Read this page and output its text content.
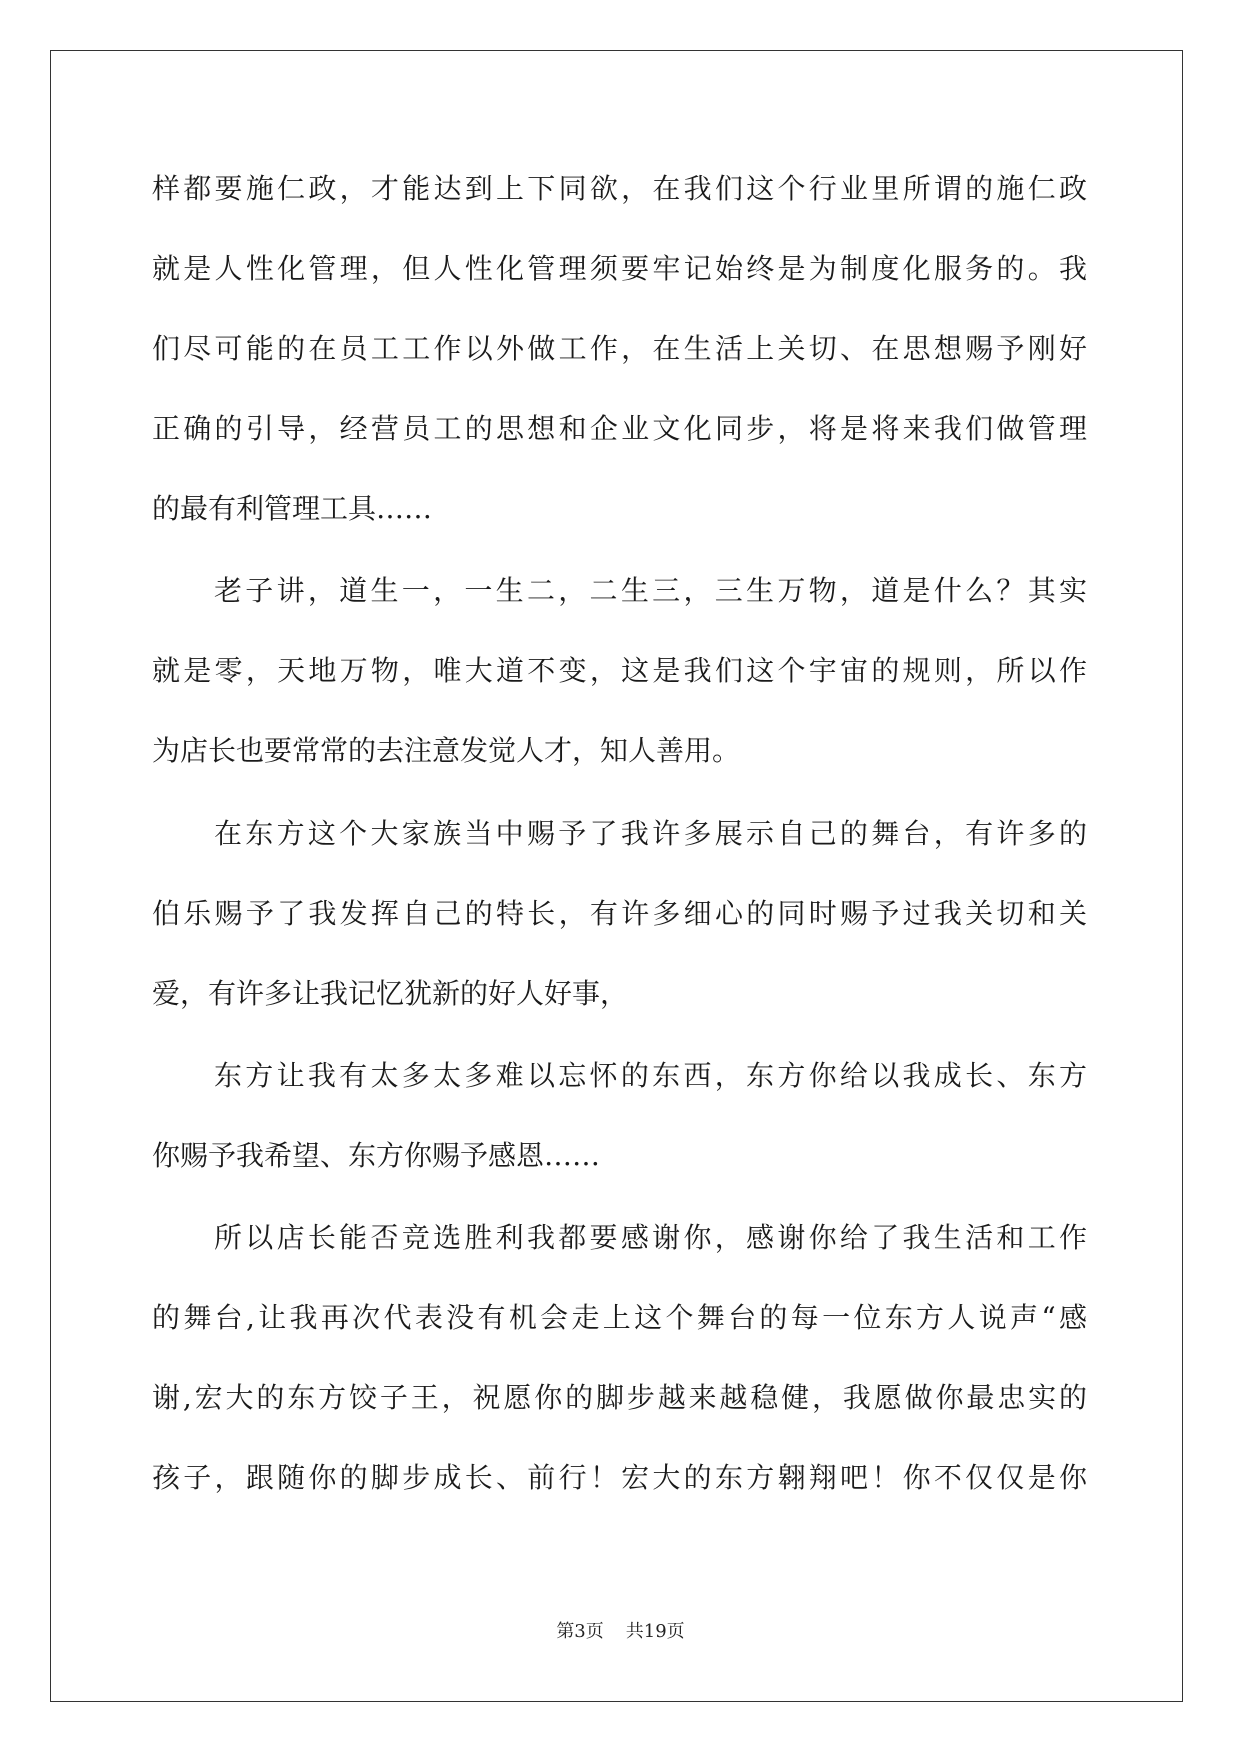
样都要施仁政，才能达到上下同欲，在我们这个行业里所谓的施仁政
就是人性化管理，但人性化管理须要牢记始终是为制度化服务的。我
们尽可能的在员工工作以外做工作，在生活上关切、在思想赐予刚好
正确的引导，经营员工的思想和企业文化同步，将是将来我们做管理
的最有利管理工具……
老子讲，道生一，一生二，二生三，三生万物，道是什么？其实
就是零，天地万物，唯大道不变，这是我们这个宇宙的规则，所以作
为店长也要常常的去注意发觉人才，知人善用。
在东方这个大家族当中赐予了我许多展示自己的舞台，有许多的
伯乐赐予了我发挥自己的特长，有许多细心的同时赐予过我关切和关
爱，有许多让我记忆犹新的好人好事，
东方让我有太多太多难以忘怀的东西，东方你给以我成长、东方
你赐予我希望、东方你赐予感恩……
所以店长能否竞选胜利我都要感谢你，感谢你给了我生活和工作
的舞台,让我再次代表没有机会走上这个舞台的每一位东方人说声“感
谢,宏大的东方饺子王，祝愿你的脚步越来越稳健，我愿做你最忠实的
孩子，跟随你的脚步成长、前行！宏大的东方翱翔吧！你不仅仅是你
第3页 共19页
